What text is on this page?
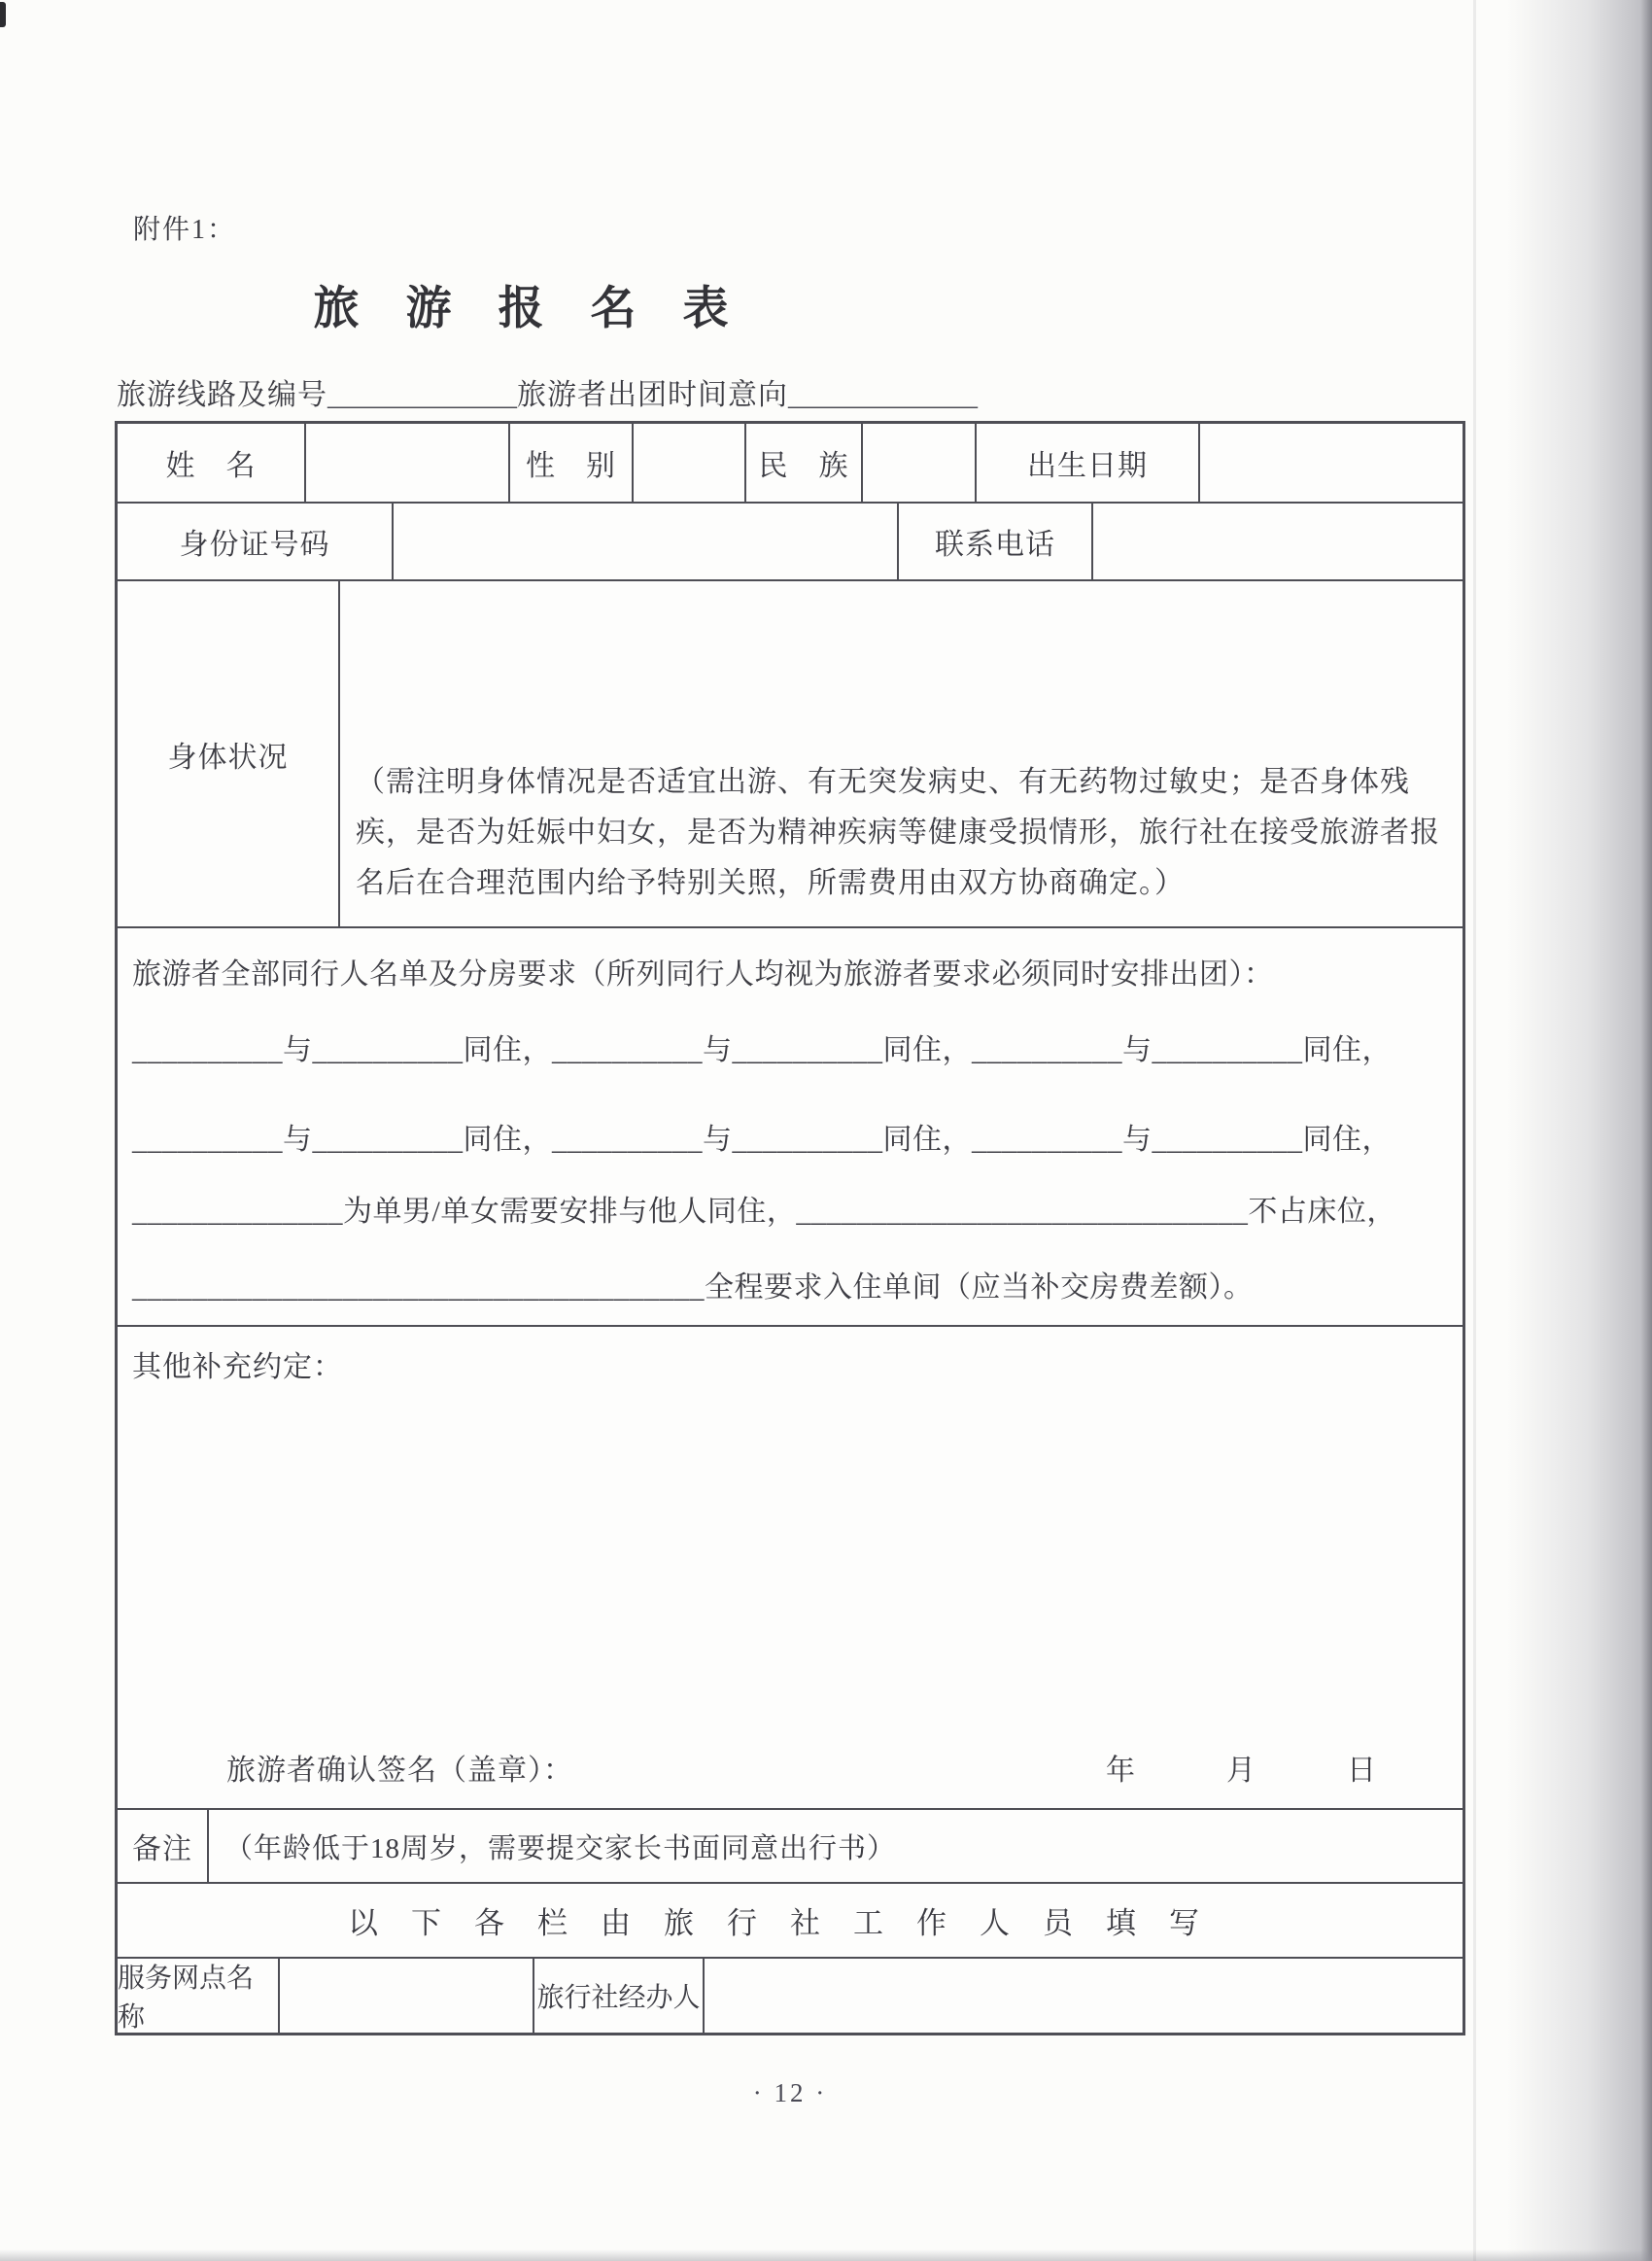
附件1：
旅游报名表
旅游线路及编号_____________旅游者出团时间意向_____________
姓　名	性　别	民　族	出生日期
身份证号码	联系电话
身体状况

（需注明身体情况是否适宜出游、有无突发病史、有无药物过敏史；是否身体残疾，是否为妊娠中妇女，是否为精神疾病等健康受损情形，旅行社在接受旅游者报名后在合理范围内给予特别关照，所需费用由双方协商确定。）

旅游者全部同行人名单及分房要求（所列同行人均视为旅游者要求必须同时安排出团）：
__________与__________同住，__________与__________同住，__________与__________同住，
__________与__________同住，__________与__________同住，__________与__________同住，
______________为单男/单女需要安排与他人同住，______________________________不占床位，
______________________________________全程要求入住单间（应当补交房费差额）。
其他补充约定：
旅游者确认签名（盖章）：	年　　　月　　　日
备注	（年龄低于18周岁，需要提交家长书面同意出行书）
以下各栏由旅行社工作人员填写
服务网点名称
旅行社经办人
· 12 ·
